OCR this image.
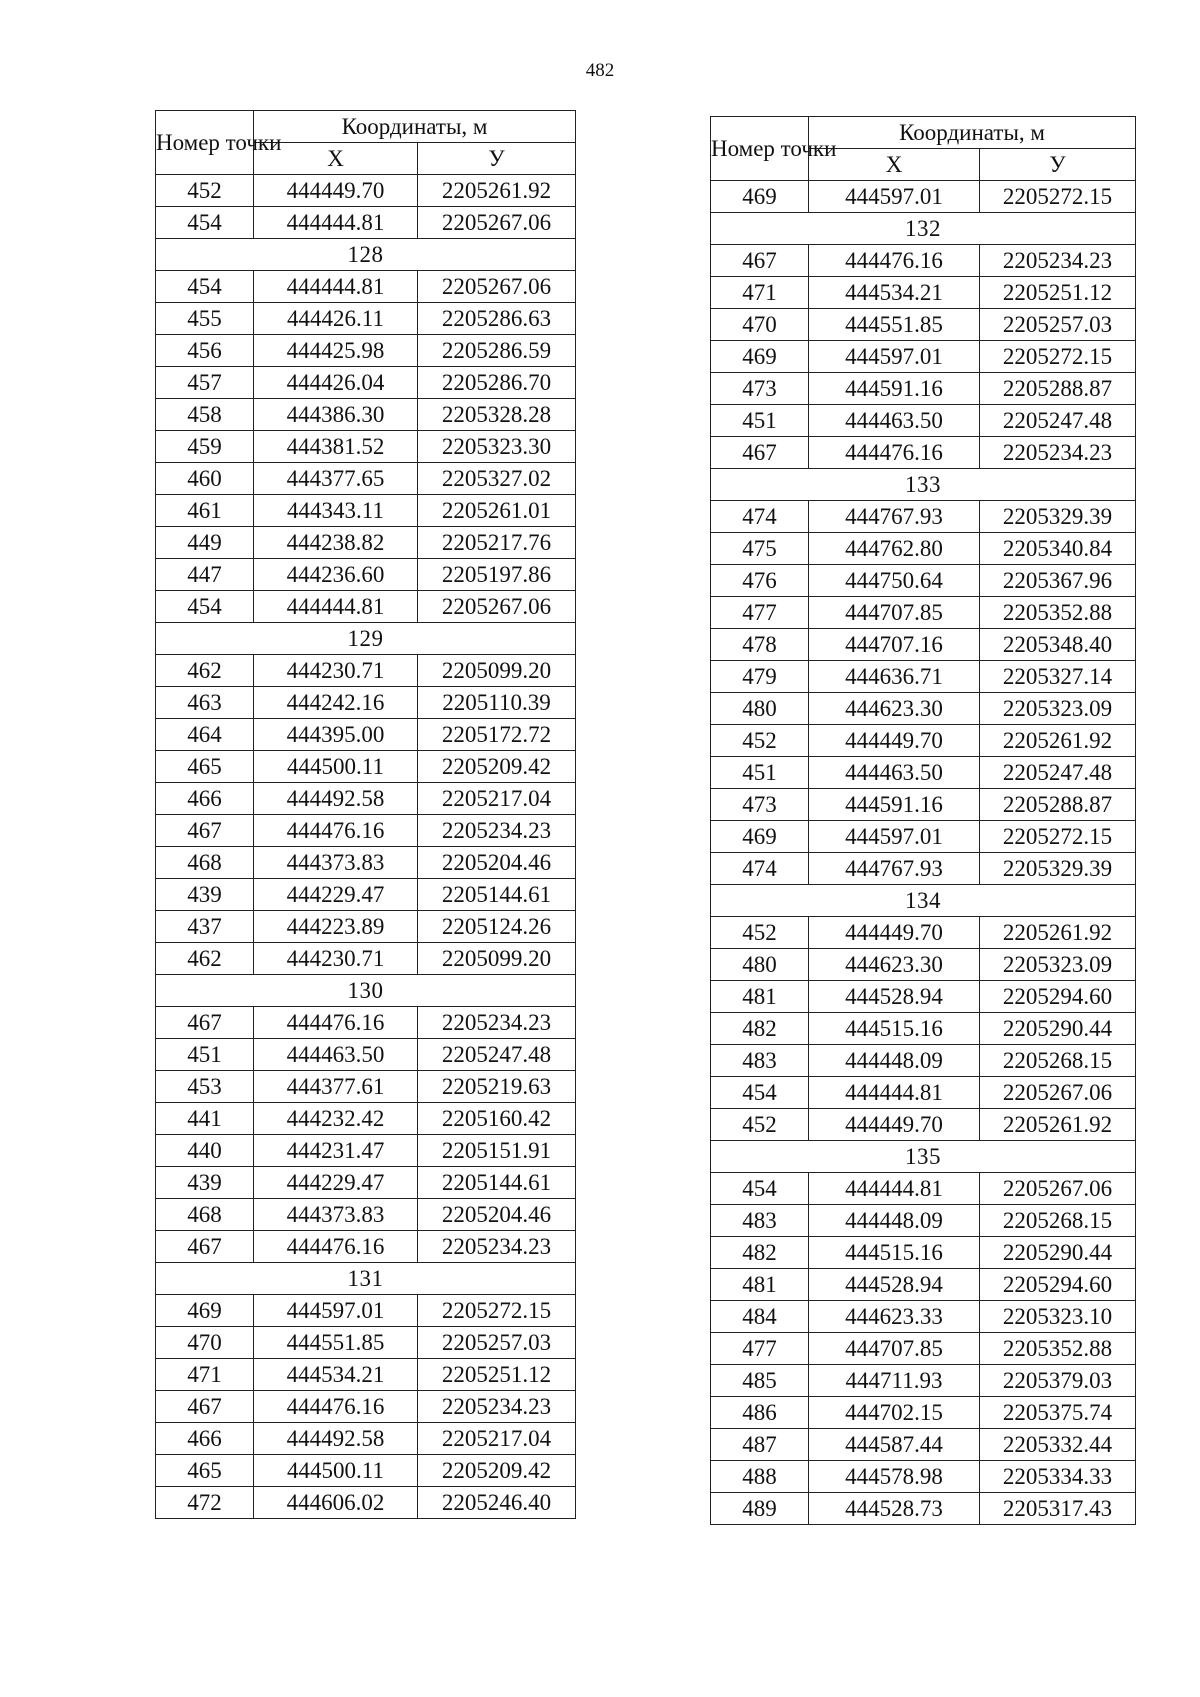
482
Номер точки	Координаты, м	
	X	У
452	444449.70	2205261.92
454	444444.81	2205267.06
128		
454	444444.81	2205267.06
455	444426.11	2205286.63
456	444425.98	2205286.59
457	444426.04	2205286.70
458	444386.30	2205328.28
459	444381.52	2205323.30
460	444377.65	2205327.02
461	444343.11	2205261.01
449	444238.82	2205217.76
447	444236.60	2205197.86
454	444444.81	2205267.06
129		
462	444230.71	2205099.20
463	444242.16	2205110.39
464	444395.00	2205172.72
465	444500.11	2205209.42
466	444492.58	2205217.04
467	444476.16	2205234.23
468	444373.83	2205204.46
439	444229.47	2205144.61
437	444223.89	2205124.26
462	444230.71	2205099.20
130		
467	444476.16	2205234.23
451	444463.50	2205247.48
453	444377.61	2205219.63
441	444232.42	2205160.42
440	444231.47	2205151.91
439	444229.47	2205144.61
468	444373.83	2205204.46
467	444476.16	2205234.23
131		
469	444597.01	2205272.15
470	444551.85	2205257.03
471	444534.21	2205251.12
467	444476.16	2205234.23
466	444492.58	2205217.04
465	444500.11	2205209.42
472	444606.02	2205246.40
Номер точки	Координаты, м	
	X	У
469	444597.01	2205272.15
132		
467	444476.16	2205234.23
471	444534.21	2205251.12
470	444551.85	2205257.03
469	444597.01	2205272.15
473	444591.16	2205288.87
451	444463.50	2205247.48
467	444476.16	2205234.23
133		
474	444767.93	2205329.39
475	444762.80	2205340.84
476	444750.64	2205367.96
477	444707.85	2205352.88
478	444707.16	2205348.40
479	444636.71	2205327.14
480	444623.30	2205323.09
452	444449.70	2205261.92
451	444463.50	2205247.48
473	444591.16	2205288.87
469	444597.01	2205272.15
474	444767.93	2205329.39
134		
452	444449.70	2205261.92
480	444623.30	2205323.09
481	444528.94	2205294.60
482	444515.16	2205290.44
483	444448.09	2205268.15
454	444444.81	2205267.06
452	444449.70	2205261.92
135		
454	444444.81	2205267.06
483	444448.09	2205268.15
482	444515.16	2205290.44
481	444528.94	2205294.60
484	444623.33	2205323.10
477	444707.85	2205352.88
485	444711.93	2205379.03
486	444702.15	2205375.74
487	444587.44	2205332.44
488	444578.98	2205334.33
489	444528.73	2205317.43
